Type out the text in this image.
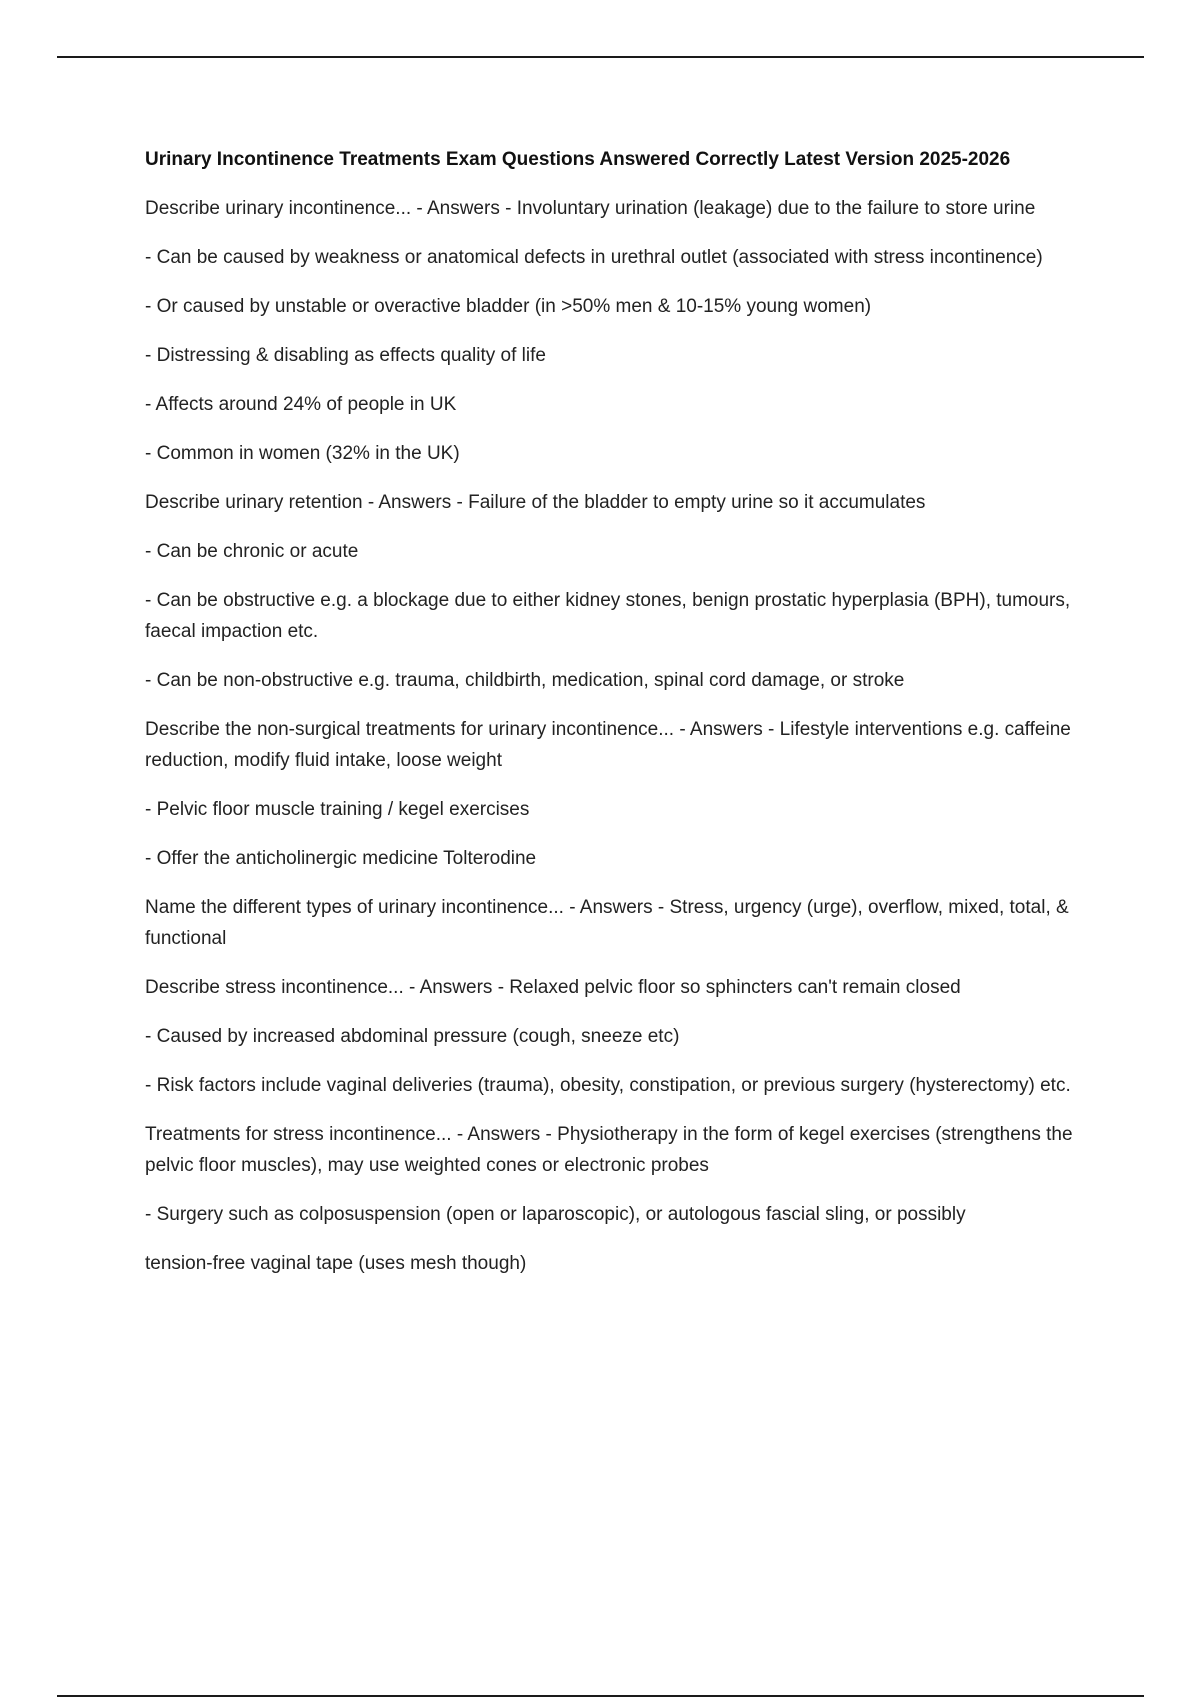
Urinary Incontinence Treatments Exam Questions Answered Correctly Latest Version 2025-2026

Describe urinary incontinence... - Answers - Involuntary urination (leakage) due to the failure to store urine

- Can be caused by weakness or anatomical defects in urethral outlet (associated with stress incontinence)

- Or caused by unstable or overactive bladder (in >50% men & 10-15% young women)

- Distressing & disabling as effects quality of life

- Affects around 24% of people in UK

- Common in women (32% in the UK)

Describe urinary retention - Answers - Failure of the bladder to empty urine so it accumulates

- Can be chronic or acute

- Can be obstructive e.g. a blockage due to either kidney stones, benign prostatic hyperplasia (BPH), tumours, faecal impaction etc.

- Can be non-obstructive e.g. trauma, childbirth, medication, spinal cord damage, or stroke

Describe the non-surgical treatments for urinary incontinence... - Answers - Lifestyle interventions e.g. caffeine reduction, modify fluid intake, loose weight

- Pelvic floor muscle training / kegel exercises

- Offer the anticholinergic medicine Tolterodine

Name the different types of urinary incontinence... - Answers - Stress, urgency (urge), overflow, mixed, total, & functional

Describe stress incontinence... - Answers - Relaxed pelvic floor so sphincters can't remain closed

- Caused by increased abdominal pressure (cough, sneeze etc)

- Risk factors include vaginal deliveries (trauma), obesity, constipation, or previous surgery (hysterectomy) etc.

Treatments for stress incontinence... - Answers - Physiotherapy in the form of kegel exercises (strengthens the pelvic floor muscles), may use weighted cones or electronic probes

- Surgery such as colposuspension (open or laparoscopic), or autologous fascial sling, or possibly

tension-free vaginal tape (uses mesh though)
